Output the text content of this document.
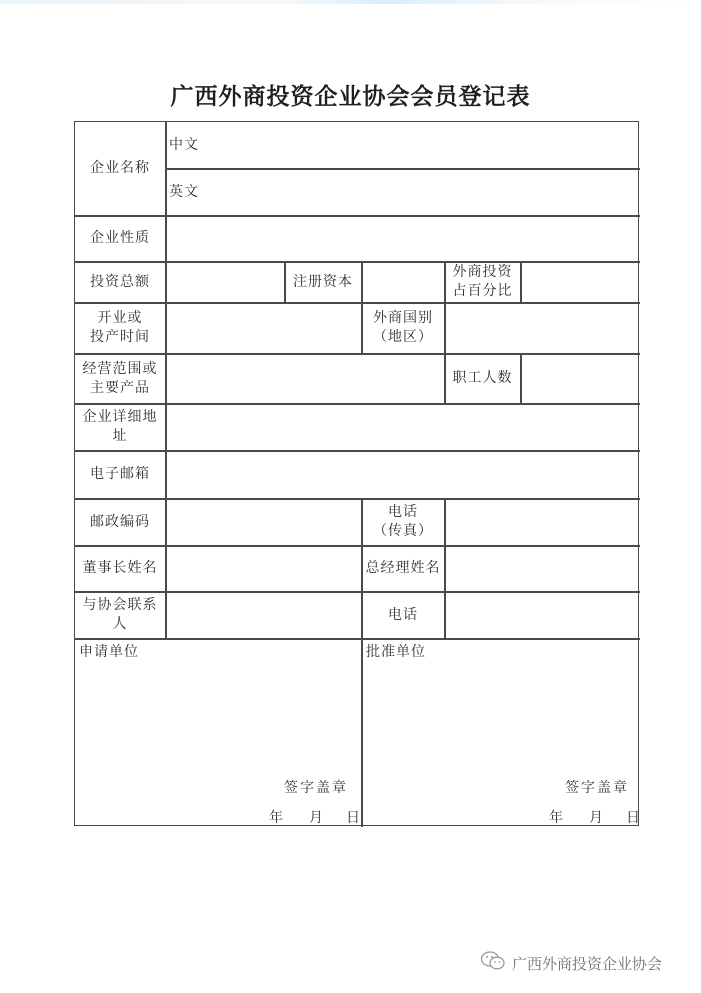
广西外商投资企业协会会员登记表
企业名称
中文
英文
企业性质
投资总额	注册资本
外商投资
占百分比
开业或
投产时间
外商国别
（地区）
经营范围或
主要产品
职工人数
企业详细地
址
电子邮箱
邮政编码
电话
（传真）
董事长姓名	总经理姓名
与协会联系
人
电话
申请单位
签字盖章
年 月 日
批准单位
签字盖章
年 月 日
广西外商投资企业协会
